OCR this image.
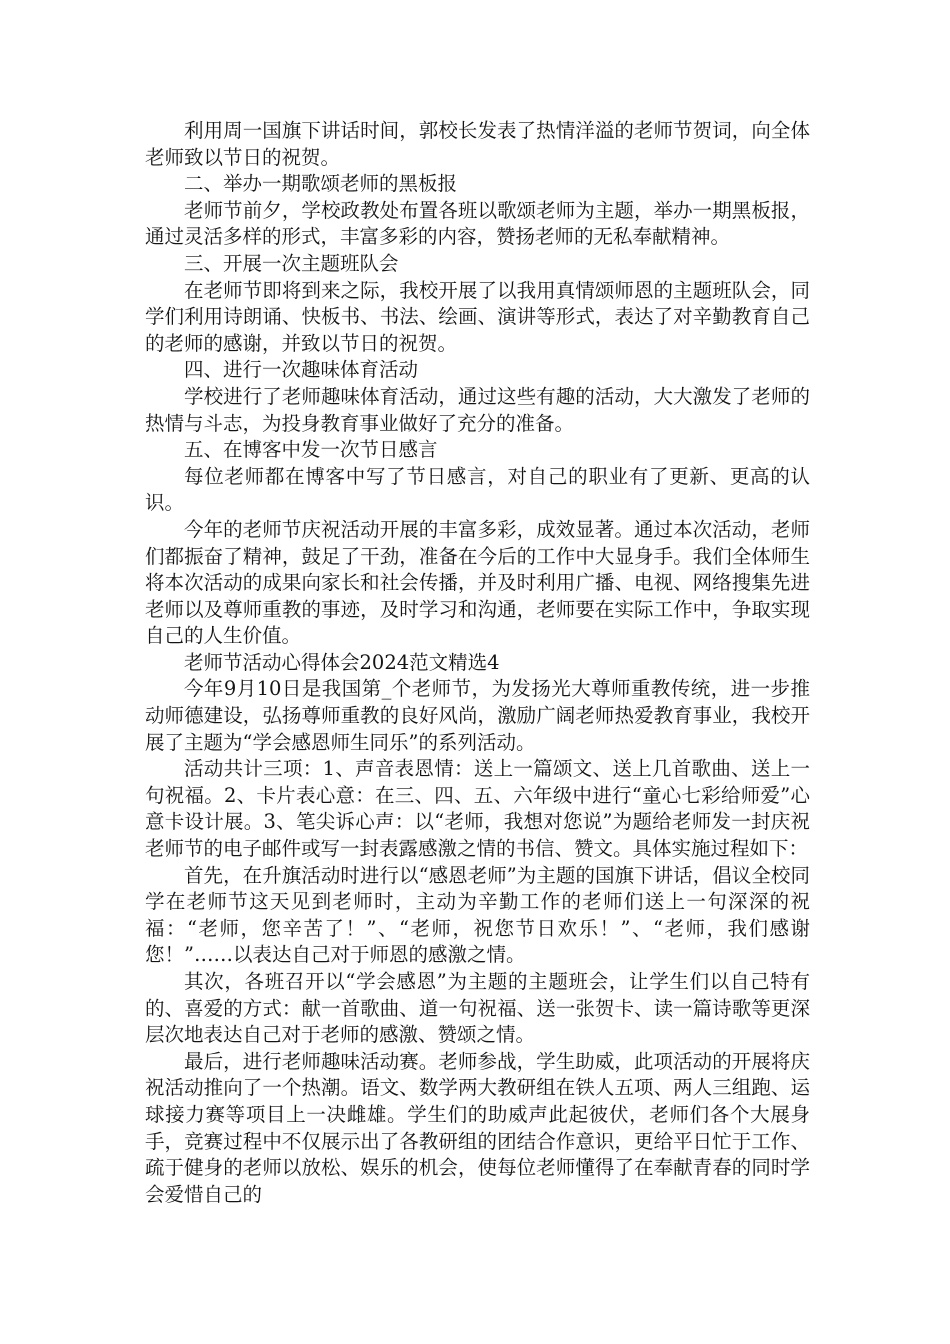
利用周一国旗下讲话时间，郭校长发表了热情洋溢的老师节贺词，向全体老师致以节日的祝贺。

二、举办一期歌颂老师的黑板报

老师节前夕，学校政教处布置各班以歌颂老师为主题，举办一期黑板报，通过灵活多样的形式，丰富多彩的内容，赞扬老师的无私奉献精神。

三、开展一次主题班队会

在老师节即将到来之际，我校开展了以我用真情颂师恩的主题班队会，同学们利用诗朗诵、快板书、书法、绘画、演讲等形式，表达了对辛勤教育自己的老师的感谢，并致以节日的祝贺。

四、进行一次趣味体育活动

学校进行了老师趣味体育活动，通过这些有趣的活动，大大激发了老师的热情与斗志，为投身教育事业做好了充分的准备。

五、在博客中发一次节日感言

每位老师都在博客中写了节日感言，对自己的职业有了更新、更高的认识。

今年的老师节庆祝活动开展的丰富多彩，成效显著。通过本次活动，老师们都振奋了精神，鼓足了干劲，准备在今后的工作中大显身手。我们全体师生将本次活动的成果向家长和社会传播，并及时利用广播、电视、网络搜集先进老师以及尊师重教的事迹，及时学习和沟通，老师要在实际工作中，争取实现自己的人生价值。

老师节活动心得体会2024范文精选4

今年9月10日是我国第_个老师节，为发扬光大尊师重教传统，进一步推动师德建设，弘扬尊师重教的良好风尚，激励广阔老师热爱教育事业，我校开展了主题为“学会感恩师生同乐”的系列活动。

活动共计三项：1、声音表恩情：送上一篇颂文、送上几首歌曲、送上一句祝福。2、卡片表心意：在三、四、五、六年级中进行“童心七彩给师爱”心意卡设计展。3、笔尖诉心声：以“老师，我想对您说”为题给老师发一封庆祝老师节的电子邮件或写一封表露感激之情的书信、赞文。具体实施过程如下：

首先，在升旗活动时进行以“感恩老师”为主题的国旗下讲话，倡议全校同学在老师节这天见到老师时，主动为辛勤工作的老师们送上一句深深的祝福：“老师，您辛苦了！”、“老师，祝您节日欢乐！”、“老师，我们感谢您！”……以表达自己对于师恩的感激之情。

其次，各班召开以“学会感恩”为主题的主题班会，让学生们以自己特有的、喜爱的方式：献一首歌曲、道一句祝福、送一张贺卡、读一篇诗歌等更深层次地表达自己对于老师的感激、赞颂之情。

最后，进行老师趣味活动赛。老师参战，学生助威，此项活动的开展将庆祝活动推向了一个热潮。语文、数学两大教研组在铁人五项、两人三组跑、运球接力赛等项目上一决雌雄。学生们的助威声此起彼伏，老师们各个大展身手，竞赛过程中不仅展示出了各教研组的团结合作意识，更给平日忙于工作、疏于健身的老师以放松、娱乐的机会，使每位老师懂得了在奉献青春的同时学会爱惜自己的
